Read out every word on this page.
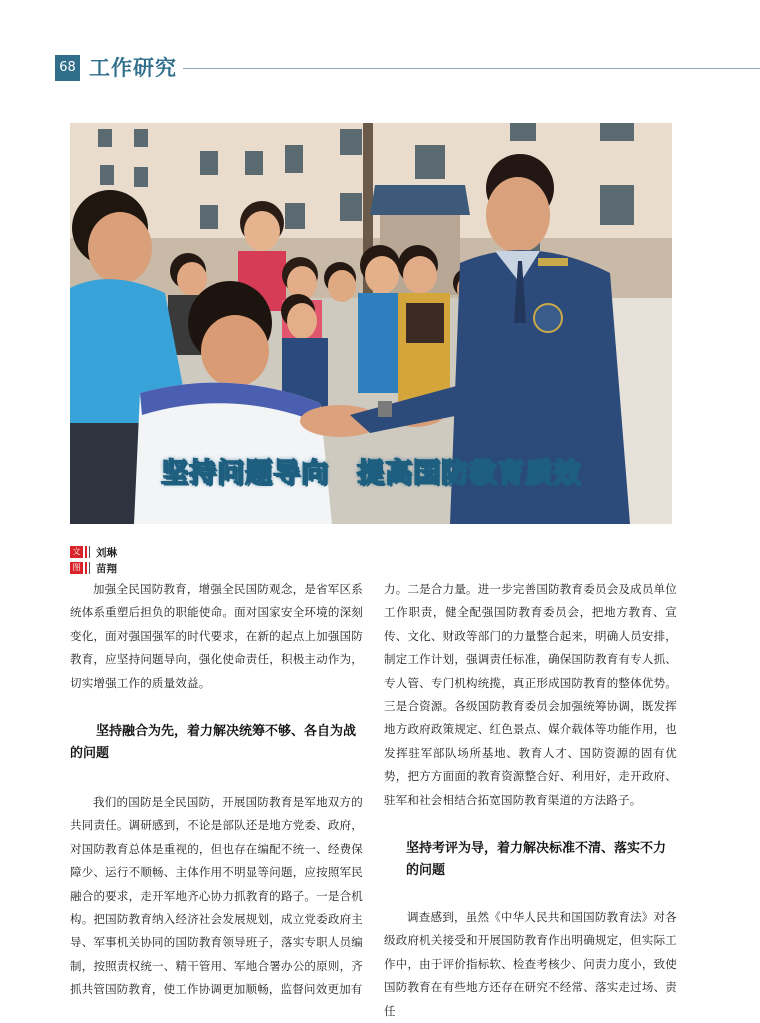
68 工作研究
坚持问题导向　提高国防教育质效
文 刘琳
图 苗翔

加强全民国防教育，增强全民国防观念，是省军区系统体系重塑后担负的职能使命。面对国家安全环境的深刻变化，面对强国强军的时代要求，在新的起点上加强国防教育，应坚持问题导向，强化使命责任，积极主动作为，切实增强工作的质量效益。

坚持融合为先，着力解决统筹不够、各自为战的问题

我们的国防是全民国防，开展国防教育是军地双方的共同责任。调研感到，不论是部队还是地方党委、政府，对国防教育总体是重视的，但也存在编配不统一、经费保障少、运行不顺畅、主体作用不明显等问题，应按照军民融合的要求，走开军地齐心协力抓教育的路子。一是合机构。把国防教育纳入经济社会发展规划，成立党委政府主导、军事机关协同的国防教育领导班子，落实专职人员编制，按照责权统一、精干管用、军地合署办公的原则，齐抓共管国防教育，使工作协调更加顺畅，监督问效更加有

力。二是合力量。进一步完善国防教育委员会及成员单位工作职责，健全配强国防教育委员会，把地方教育、宣传、文化、财政等部门的力量整合起来，明确人员安排，制定工作计划，强调责任标准，确保国防教育有专人抓、专人管、专门机构统揽，真正形成国防教育的整体优势。三是合资源。各级国防教育委员会加强统筹协调，既发挥地方政府政策规定、红色景点、媒介载体等功能作用，也发挥驻军部队场所基地、教育人才、国防资源的固有优势，把方方面面的教育资源整合好、利用好，走开政府、驻军和社会相结合拓宽国防教育渠道的方法路子。

坚持考评为导，着力解决标准不清、落实不力的问题

调查感到，虽然《中华人民共和国国防教育法》对各级政府机关接受和开展国防教育作出明确规定，但实际工作中，由于评价指标软、检查考核少、问责力度小，致使国防教育在有些地方还存在研究不经常、落实走过场、责任
